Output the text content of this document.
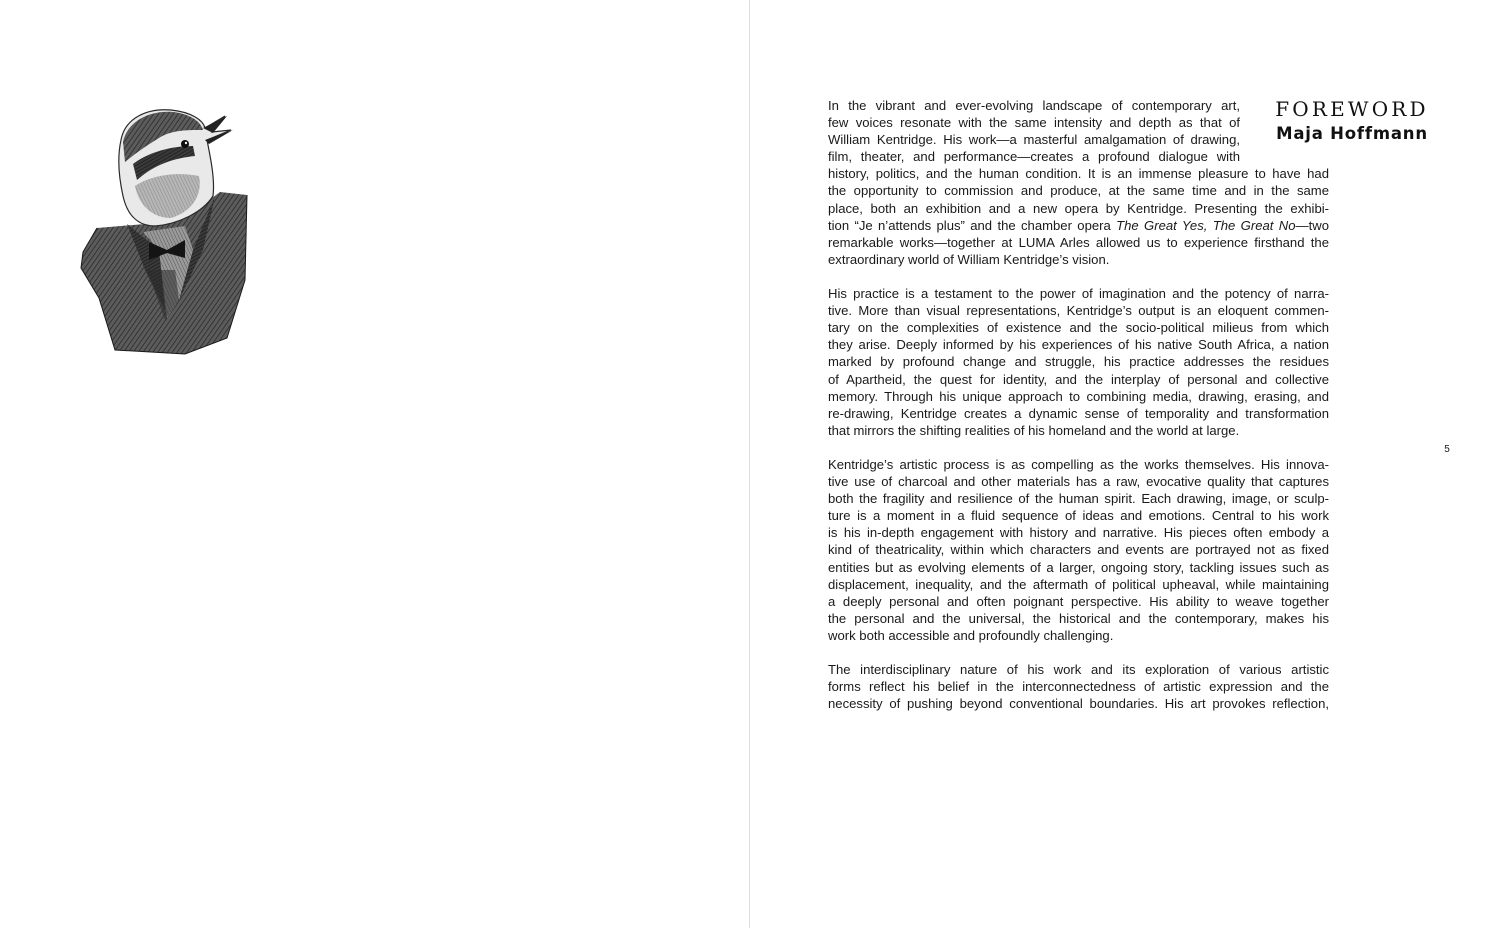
FOREWORD
Maja Hoffmann
In the vibrant and ever-evolving landscape of contemporary art,
few voices resonate with the same intensity and depth as that of
William Kentridge. His work—a masterful amalgamation of drawing,
film, theater, and performance—creates a profound dialogue with
history, politics, and the human condition. It is an immense pleasure to have had
the opportunity to commission and produce, at the same time and in the same
place, both an exhibition and a new opera by Kentridge. Presenting the exhibi-
tion “Je n’attends plus” and the chamber opera The Great Yes, The Great No—two
remarkable works—together at LUMA Arles allowed us to experience firsthand the
extraordinary world of William Kentridge’s vision.
His practice is a testament to the power of imagination and the potency of narra-
tive. More than visual representations, Kentridge’s output is an eloquent commen-
tary on the complexities of existence and the socio-political milieus from which
they arise. Deeply informed by his experiences of his native South Africa, a nation
marked by profound change and struggle, his practice addresses the residues
of Apartheid, the quest for identity, and the interplay of personal and collective
memory. Through his unique approach to combining media, drawing, erasing, and
re-drawing, Kentridge creates a dynamic sense of temporality and transformation
that mirrors the shifting realities of his homeland and the world at large.
Kentridge’s artistic process is as compelling as the works themselves. His innova-
tive use of charcoal and other materials has a raw, evocative quality that captures
both the fragility and resilience of the human spirit. Each drawing, image, or sculp-
ture is a moment in a fluid sequence of ideas and emotions. Central to his work
is his in-depth engagement with history and narrative. His pieces often embody a
kind of theatricality, within which characters and events are portrayed not as fixed
entities but as evolving elements of a larger, ongoing story, tackling issues such as
displacement, inequality, and the aftermath of political upheaval, while maintaining
a deeply personal and often poignant perspective. His ability to weave together
the personal and the universal, the historical and the contemporary, makes his
work both accessible and profoundly challenging.
The interdisciplinary nature of his work and its exploration of various artistic
forms reflect his belief in the interconnectedness of artistic expression and the
necessity of pushing beyond conventional boundaries. His art provokes reflection,
5
